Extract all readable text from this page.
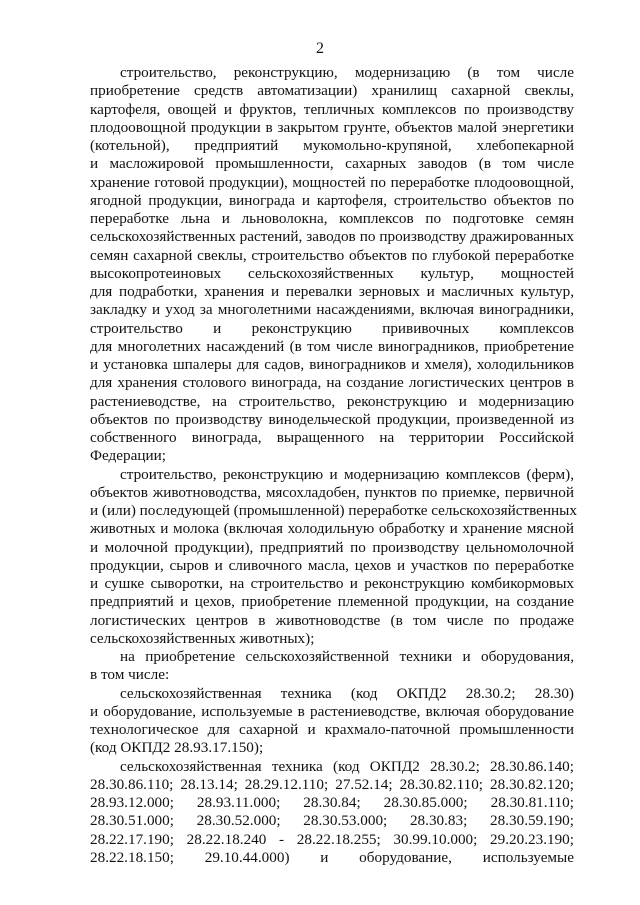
2
строительство, реконструкцию, модернизацию (в том числе
приобретение средств автоматизации) хранилищ сахарной свеклы,
картофеля, овощей и фруктов, тепличных комплексов по производству
плодоовощной продукции в закрытом грунте, объектов малой энергетики
(котельной), предприятий мукомольно-крупяной, хлебопекарной
и масложировой промышленности, сахарных заводов (в том числе
хранение готовой продукции), мощностей по переработке плодоовощной,
ягодной продукции, винограда и картофеля, строительство объектов по
переработке льна и льноволокна, комплексов по подготовке семян
сельскохозяйственных растений, заводов по производству дражированных
семян сахарной свеклы, строительство объектов по глубокой переработке
высокопротеиновых сельскохозяйственных культур, мощностей
для подработки, хранения и перевалки зерновых и масличных культур,
закладку и уход за многолетними насаждениями, включая виноградники,
строительство и реконструкцию прививочных комплексов
для многолетних насаждений (в том числе виноградников, приобретение
и установка шпалеры для садов, виноградников и хмеля), холодильников
для хранения столового винограда, на создание логистических центров в
растениеводстве, на строительство, реконструкцию и модернизацию
объектов по производству винодельческой продукции, произведенной из
собственного винограда, выращенного на территории Российской
Федерации;
строительство, реконструкцию и модернизацию комплексов (ферм),
объектов животноводства, мясохладобен, пунктов по приемке, первичной
и (или) последующей (промышленной) переработке сельскохозяйственных
животных и молока (включая холодильную обработку и хранение мясной
и молочной продукции), предприятий по производству цельномолочной
продукции, сыров и сливочного масла, цехов и участков по переработке
и сушке сыворотки, на строительство и реконструкцию комбикормовых
предприятий и цехов, приобретение племенной продукции, на создание
логистических центров в животноводстве (в том числе по продаже
сельскохозяйственных животных);
на приобретение сельскохозяйственной техники и оборудования,
в том числе:
сельскохозяйственная техника (код ОКПД2 28.30.2; 28.30)
и оборудование, используемые в растениеводстве, включая оборудование
технологическое для сахарной и крахмало-паточной промышленности
(код ОКПД2 28.93.17.150);
сельскохозяйственная техника (код ОКПД2 28.30.2; 28.30.86.140;
28.30.86.110; 28.13.14; 28.29.12.110; 27.52.14; 28.30.82.110; 28.30.82.120;
28.93.12.000; 28.93.11.000; 28.30.84; 28.30.85.000; 28.30.81.110;
28.30.51.000; 28.30.52.000; 28.30.53.000; 28.30.83; 28.30.59.190;
28.22.17.190; 28.22.18.240 - 28.22.18.255; 30.99.10.000; 29.20.23.190;
28.22.18.150; 29.10.44.000) и оборудование, используемые
